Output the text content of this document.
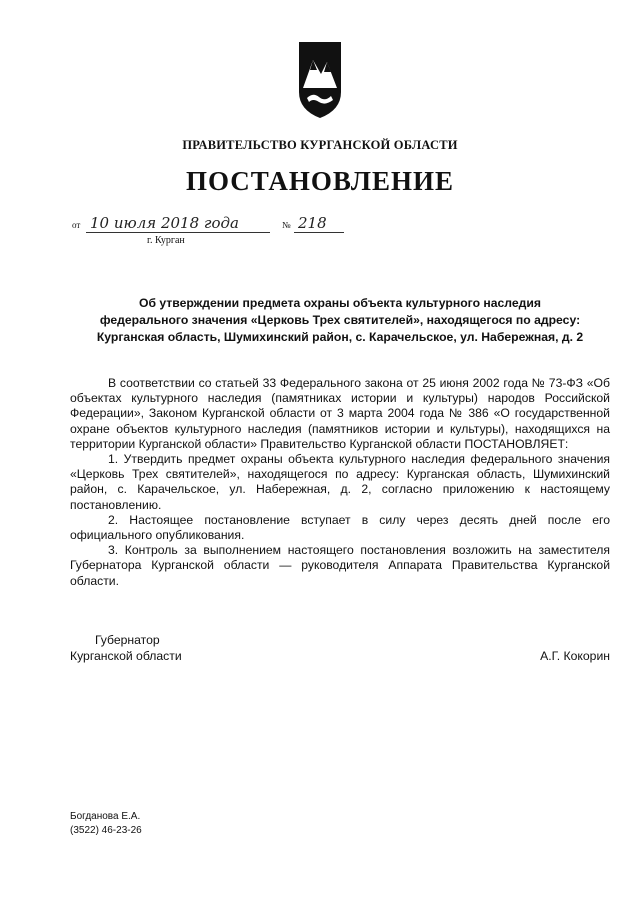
ПРАВИТЕЛЬСТВО КУРГАНСКОЙ ОБЛАСТИ
ПОСТАНОВЛЕНИЕ
от 10 июля 2018 года	№ 218
г. Курган
Об утверждении предмета охраны объекта культурного наследия
федерального значения «Церковь Трех святителей», находящегося по адресу:
Курганская область, Шумихинский район, с. Карачельское, ул. Набережная, д. 2

В соответствии со статьей 33 Федерального закона от 25 июня 2002 года № 73-ФЗ «Об объектах культурного наследия (памятниках истории и культуры) народов Российской Федерации», Законом Курганской области от 3 марта 2004 года № 386 «О государственной охране объектов культурного наследия (памятников истории и культуры), находящихся на территории Курганской области» Правительство Курганской области ПОСТАНОВЛЯЕТ:

1. Утвердить предмет охраны объекта культурного наследия федерального значения «Церковь Трех святителей», находящегося по адресу: Курганская область, Шумихинский район, с. Карачельское, ул. Набережная, д. 2, согласно приложению к настоящему постановлению.

2. Настоящее постановление вступает в силу через десять дней после его официального опубликования.

3. Контроль за выполнением настоящего постановления возложить на заместителя Губернатора Курганской области — руководителя Аппарата Правительства Курганской области.

Губернатор
Курганской области	А.Г. Кокорин
Богданова Е.А.
(3522) 46-23-26
